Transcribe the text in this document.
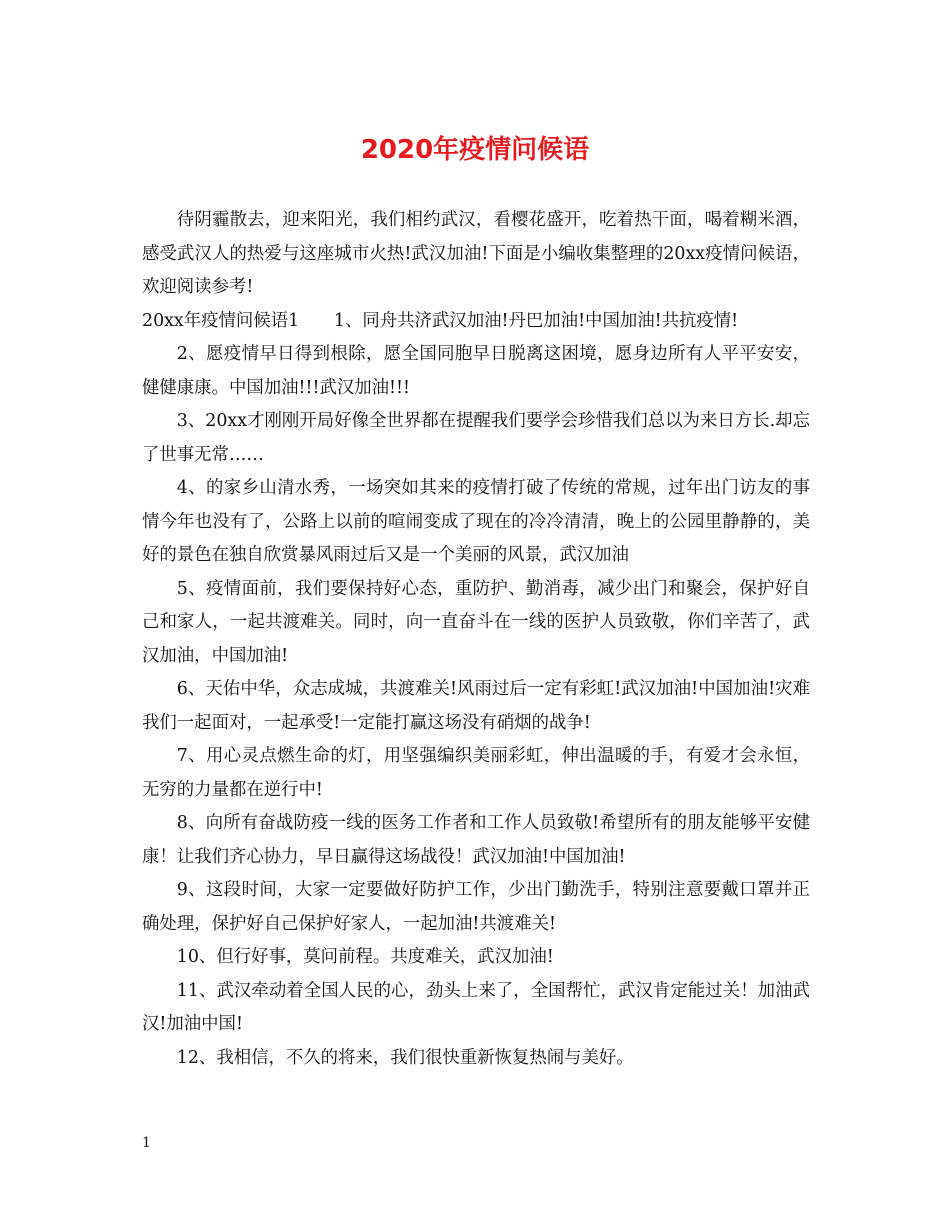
2020年疫情问候语

待阴霾散去，迎来阳光，我们相约武汉，看樱花盛开，吃着热干面，喝着糊米酒，感受武汉人的热爱与这座城市火热!武汉加油!下面是小编收集整理的20xx疫情问候语，欢迎阅读参考!

20xx年疫情问候语1　　1、同舟共济武汉加油!丹巴加油!中国加油!共抗疫情!

2、愿疫情早日得到根除，愿全国同胞早日脱离这困境，愿身边所有人平平安安，健健康康。中国加油!!!武汉加油!!!

3、20xx才刚刚开局好像全世界都在提醒我们要学会珍惜我们总以为来日方长.却忘了世事无常……

4、的家乡山清水秀，一场突如其来的疫情打破了传统的常规，过年出门访友的事情今年也没有了，公路上以前的喧闹变成了现在的冷冷清清，晚上的公园里静静的，美好的景色在独自欣赏暴风雨过后又是一个美丽的风景，武汉加油

5、疫情面前，我们要保持好心态，重防护、勤消毒，减少出门和聚会，保护好自己和家人，一起共渡难关。同时，向一直奋斗在一线的医护人员致敬，你们辛苦了，武汉加油，中国加油!

6、天佑中华，众志成城，共渡难关!风雨过后一定有彩虹!武汉加油!中国加油!灾难我们一起面对，一起承受!一定能打赢这场没有硝烟的战争!

7、用心灵点燃生命的灯，用坚强编织美丽彩虹，伸出温暖的手，有爱才会永恒，无穷的力量都在逆行中!

8、向所有奋战防疫一线的医务工作者和工作人员致敬!希望所有的朋友能够平安健康！让我们齐心协力，早日赢得这场战役！武汉加油!中国加油!

9、这段时间，大家一定要做好防护工作，少出门勤洗手，特别注意要戴口罩并正确处理，保护好自己保护好家人，一起加油!共渡难关!

10、但行好事，莫问前程。共度难关，武汉加油!

11、武汉牵动着全国人民的心，劲头上来了，全国帮忙，武汉肯定能过关！加油武汉!加油中国!

12、我相信，不久的将来，我们很快重新恢复热闹与美好。

1
